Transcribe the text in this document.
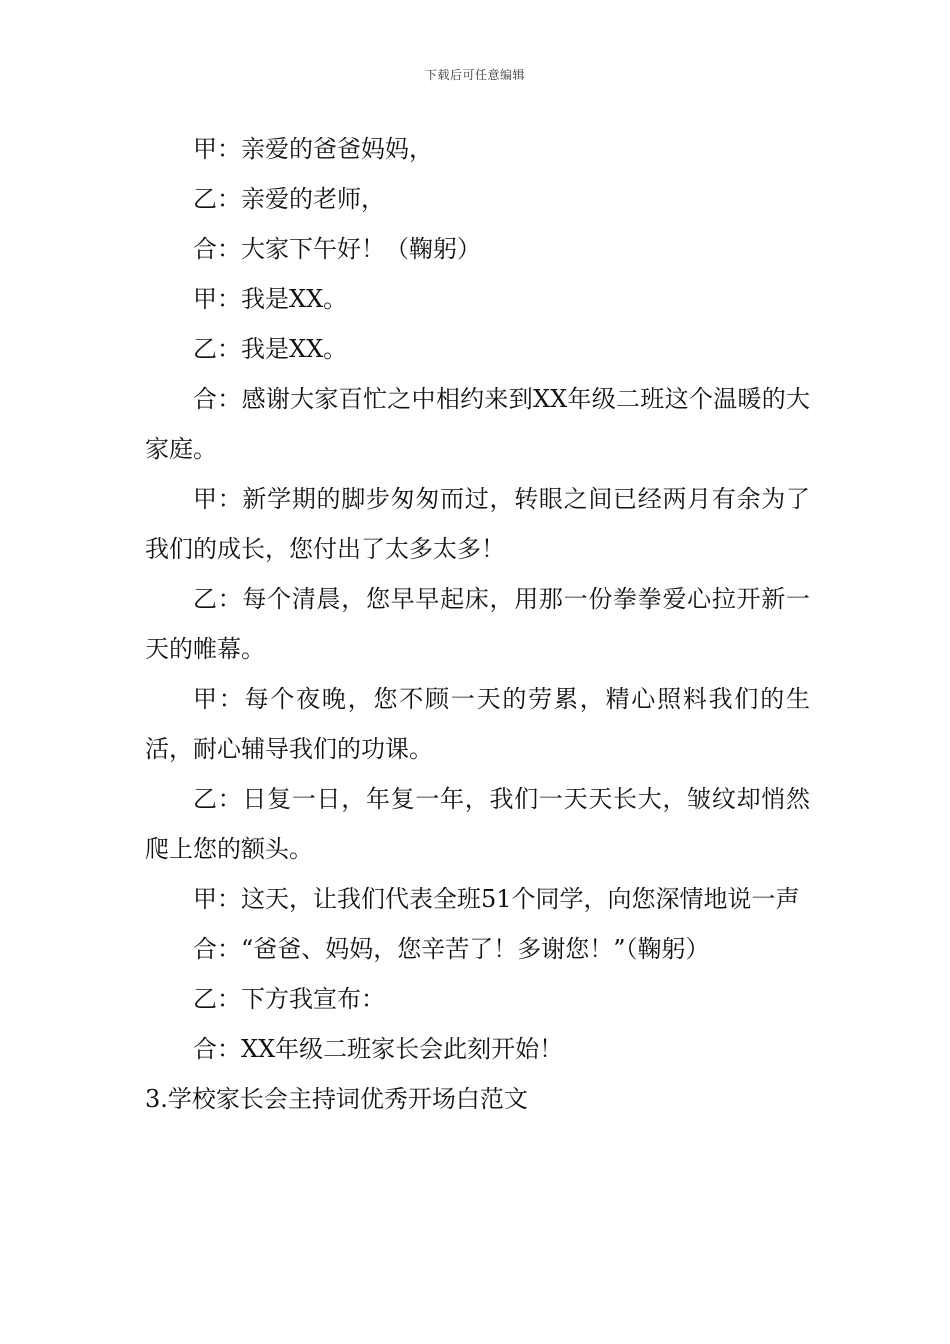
下载后可任意编辑

甲：亲爱的爸爸妈妈，

乙：亲爱的老师，

合：大家下午好！（鞠躬）

甲：我是XX。

乙：我是XX。

合：感谢大家百忙之中相约来到XX年级二班这个温暖的大家庭。

甲：新学期的脚步匆匆而过，转眼之间已经两月有余为了我们的成长，您付出了太多太多！

乙：每个清晨，您早早起床，用那一份拳拳爱心拉开新一天的帷幕。

甲：每个夜晚，您不顾一天的劳累，精心照料我们的生活，耐心辅导我们的功课。

乙：日复一日，年复一年，我们一天天长大，皱纹却悄然爬上您的额头。

甲：这天，让我们代表全班51个同学，向您深情地说一声

合：“爸爸、妈妈，您辛苦了！多谢您！”（鞠躬）

乙：下方我宣布：

合：XX年级二班家长会此刻开始！

3.学校家长会主持词优秀开场白范文
